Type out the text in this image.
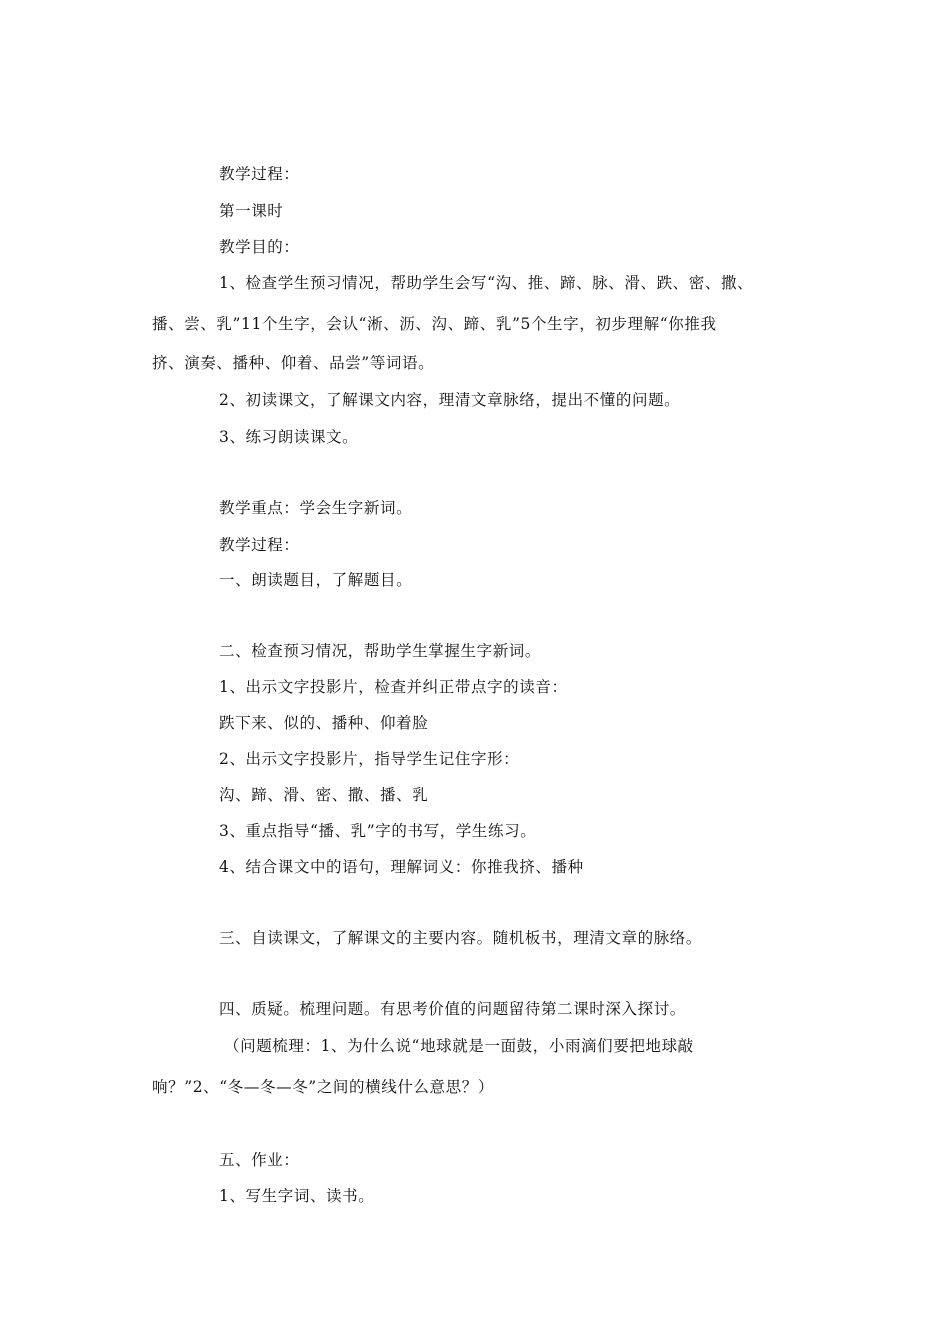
教学过程：
第一课时
教学目的：
1、检查学生预习情况，帮助学生会写“沟、推、蹄、脉、滑、跌、密、撒、
播、尝、乳”11个生字，会认“淅、沥、沟、蹄、乳”5个生字，初步理解“你推我
挤、演奏、播种、仰着、品尝”等词语。
2、初读课文，了解课文内容，理清文章脉络，提出不懂的问题。
3、练习朗读课文。
教学重点：学会生字新词。
教学过程：
一、朗读题目，了解题目。
二、检查预习情况，帮助学生掌握生字新词。
1、出示文字投影片，检查并纠正带点字的读音：
跌下来、似的、播种、仰着脸
2、出示文字投影片，指导学生记住字形：
沟、蹄、滑、密、撒、播、乳
3、重点指导“播、乳”字的书写，学生练习。
4、结合课文中的语句，理解词义：你推我挤、播种
三、自读课文，了解课文的主要内容。随机板书，理清文章的脉络。
四、质疑。梳理问题。有思考价值的问题留待第二课时深入探讨。
（问题梳理：1、为什么说“地球就是一面鼓，小雨滴们要把地球敲
响？”2、“冬—冬—冬”之间的横线什么意思？）
五、作业：
1、写生字词、读书。
